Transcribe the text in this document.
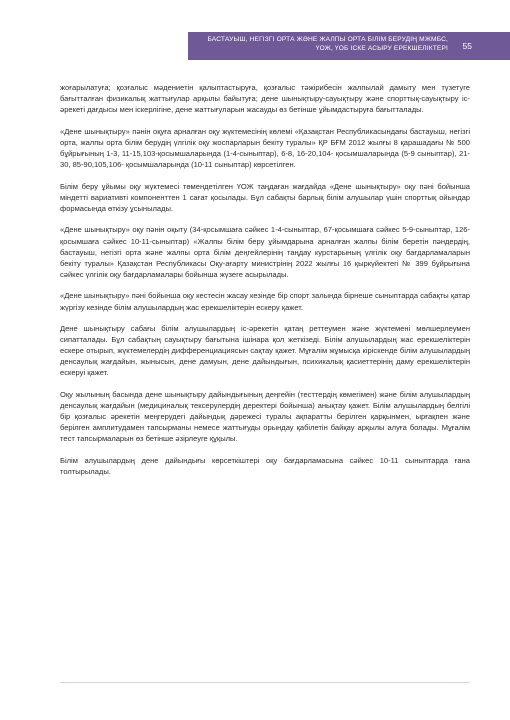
БАСТАУЫШ, НЕГІЗГІ ОРТА ЖӘНЕ ЖАЛПЫ ОРТА БІЛІМ БЕРУДІҢ МЖМБС,
ҮОЖ, ҮОБ ІСКЕ АСЫРУ ЕРЕКШЕЛІКТЕРІ 55

жоғарылатуға; қозғалыс мәдениетін қалыптастыруға, қозғалыс тәжірибесін жалпылай дамыту мен түзетуге бағытталған физикалық жаттығулар арқылы байытуға; дене шынықтыру-сауықтыру және спорттық-сауықтыру іс-әрекеті дағдысы мен іскерлігіне, дене жаттығуларын жасауды өз бетінше ұйымдастыруға бағытталады.

«Дене шынықтыру» пәнін оқуға арналған оқу жүктемесінің көлемі «Қазақстан Республикасындағы бастауыш, негізгі орта, жалпы орта білім берудің үлгілік оқу жоспарларын бекіту туралы» ҚР БҒМ 2012 жылғы 8 қарашадағы № 500 бұйрығының 1-3, 11-15,103-қосымшаларында (1-4-сыныптар), 6-8, 16-20,104- қосымшаларында (5-9 сыныптар), 21-30, 85-90,105,106- қосымшаларында (10-11 сыныптар) көрсетілген.

Білім беру ұйымы оқу жүктемесі төмендетілген ҮОЖ таңдаған жағдайда «Дене шынықтыру» оқу пәні бойынша міндетті вариативті компоненттен 1 сағат қосылады. Бұл сабақты барлық білім алушылар үшін спорттық ойындар формасында өткізу ұсынылады.

«Дене шынықтыру» оқу пәнін оқыту (34-қосымшаға сәйкес 1-4-сыныптар, 67-қосымшаға сәйкес 5-9-сыныптар, 126-қосымшаға сәйкес 10-11-сыныптар) «Жалпы білім беру ұйымдарына арналған жалпы білім беретін пәндердің, бастауыш, негізгі орта және жалпы орта білім деңгейлерінің таңдау курстарының үлгілік оқу бағдарламаларын бекіту туралы» Қазақстан Республикасы Оқу-ағарту министрінің 2022 жылғы 16 қыркүйектегі № 399 бұйрығына сәйкес үлгілік оқу бағдарламалары бойынша жүзеге асырылады.

«Дене шынықтыру» пәні бойынша оқу кестесін жасау кезінде бір спорт залында бірнеше сыныптарда сабақты қатар жүргізу кезінде білім алушылардың жас ерекшеліктерін ескеру қажет.

Дене шынықтыру сабағы білім алушылардың іс-әрекетін қатаң реттеумен және жүктемені мөлшерлеумен сипатталады. Бұл сабақтың сауықтыру бағытына ішінара қол жеткізеді. Білім алушылардың жас ерекшеліктерін ескере отырып, жүктемелердің дифференциациясын сақтау қажет. Мұғалім жұмысқа кіріскенде білім алушылардың денсаулық жағдайын, жынысын, дене дамуын, дене дайындығын, психикалық қасиеттерінің даму ерекшеліктерін ескеруі қажет.

Оқу жылының басында дене шынықтыру дайындығының деңгейін (тесттердің көмегімен) және білім алушылардың денсаулық жағдайын (медициналық тексерулердің деректері бойынша) анықтау қажет. Білім алушылардың белгілі бір қозғалыс әрекетін меңгерудегі дайындық дәрежесі туралы ақпаратты берілген қарқынмен, ырғақпен және берілген амплитудамен тапсырманы немесе жаттығуды орындау қабілетін байқау арқылы алуға болады. Мұғалім тест тапсырмаларын өз бетінше әзірлеуге құқылы.

Білім алушылардың дене дайындығы көрсеткіштері оқу бағдарламасына сәйкес 10-11 сыныптарда ғана толтырылады.
